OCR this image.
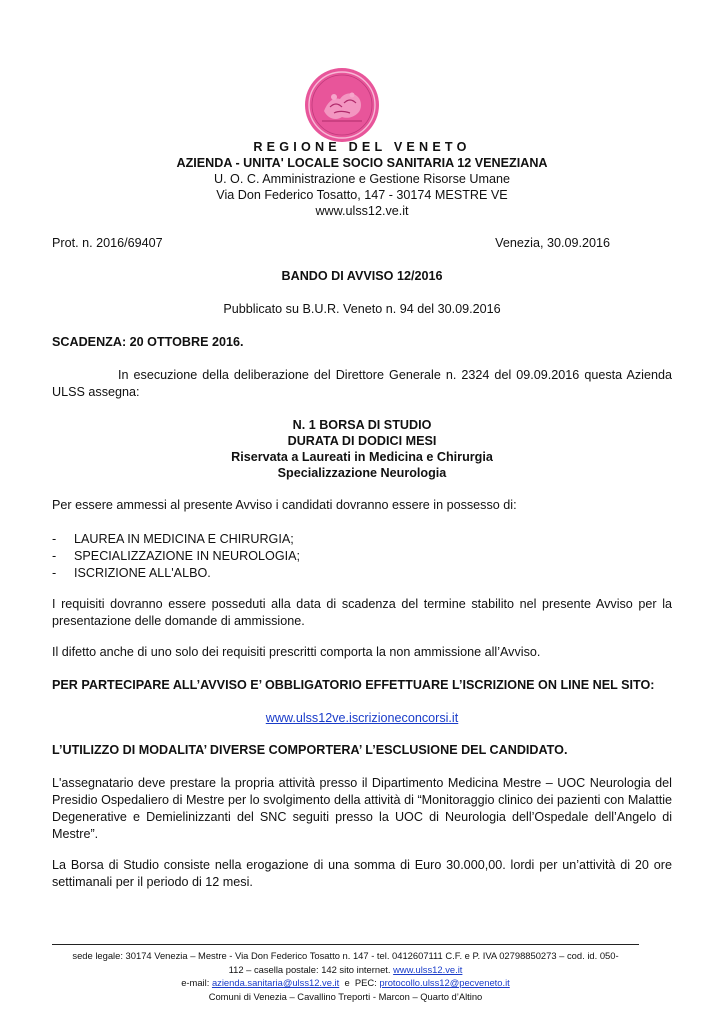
REGIONE DEL VENETO
AZIENDA - UNITA' LOCALE SOCIO SANITARIA 12 VENEZIANA
U. O. C. Amministrazione e Gestione Risorse Umane
Via Don Federico Tosatto, 147 - 30174 MESTRE VE
www.ulss12.ve.it
Prot. n. 2016/69407	Venezia, 30.09.2016
BANDO DI AVVISO 12/2016
Pubblicato su B.U.R. Veneto n. 94 del 30.09.2016
SCADENZA: 20 OTTOBRE 2016.
In esecuzione della deliberazione del Direttore Generale n. 2324 del 09.09.2016 questa Azienda ULSS assegna:
N. 1 BORSA DI STUDIO
DURATA DI DODICI MESI
Riservata a Laureati in Medicina e Chirurgia
Specializzazione Neurologia
Per essere ammessi al presente Avviso i candidati dovranno essere in possesso di:
- LAUREA IN MEDICINA E CHIRURGIA;
- SPECIALIZZAZIONE IN NEUROLOGIA;
- ISCRIZIONE ALL'ALBO.
I requisiti dovranno essere posseduti alla data di scadenza del termine stabilito nel presente Avviso per la presentazione delle domande di ammissione.
Il difetto anche di uno solo dei requisiti prescritti comporta la non ammissione all’Avviso.
PER PARTECIPARE ALL’AVVISO E’ OBBLIGATORIO EFFETTUARE L’ISCRIZIONE ON LINE NEL SITO:
www.ulss12ve.iscrizioneconcorsi.it
L’UTILIZZO DI MODALITA’ DIVERSE COMPORTERA’ L’ESCLUSIONE DEL CANDIDATO.
L'assegnatario deve prestare la propria attività presso il Dipartimento Medicina Mestre – UOC Neurologia del Presidio Ospedaliero di Mestre per lo svolgimento della attività di “Monitoraggio clinico dei pazienti con Malattie Degenerative e Demielinizzanti del SNC seguiti presso la UOC di Neurologia dell’Ospedale dell’Angelo di Mestre”.
La Borsa di Studio consiste nella erogazione di una somma di Euro 30.000,00. lordi per un’attività di 20 ore settimanali per il periodo di 12 mesi.
sede legale: 30174 Venezia – Mestre - Via Don Federico Tosatto n. 147 - tel. 0412607111 C.F. e P. IVA 02798850273 – cod. id. 050-
112 – casella postale: 142 sito internet. www.ulss12.ve.it
e-mail: azienda.sanitaria@ulss12.ve.it  e  PEC: protocollo.ulss12@pecveneto.it
Comuni di Venezia – Cavallino Treporti - Marcon – Quarto d’Altino
